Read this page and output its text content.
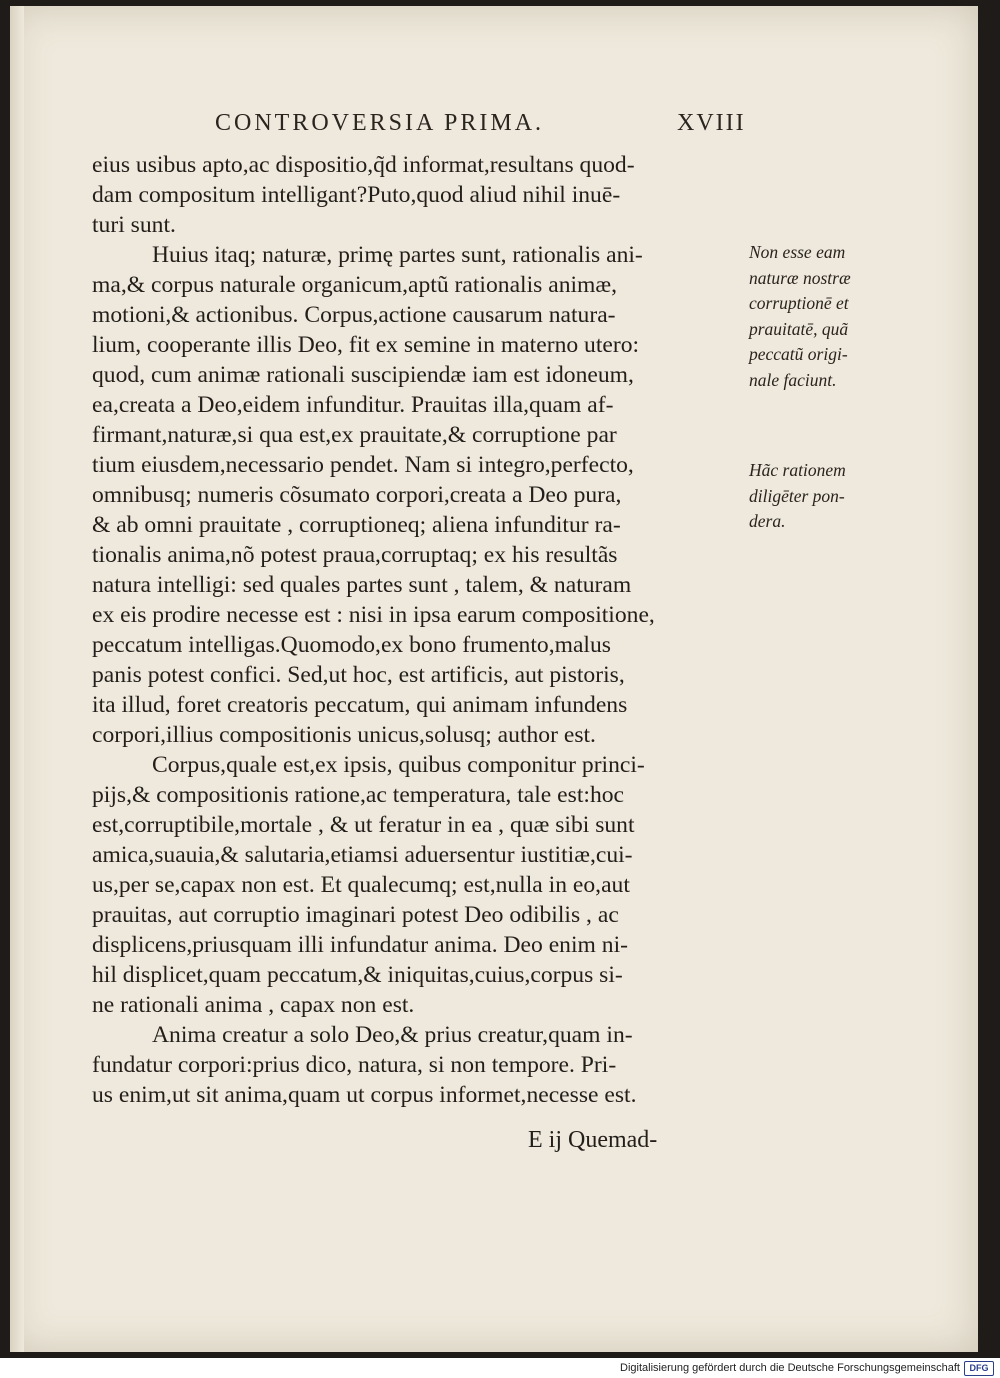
CONTROVERSIA PRIMA.	XVIII
eius usibus apto,ac dispositio,q̃d informat,resultans quod-
dam compositum intelligant?Puto,quod aliud nihil inuē-
turi sunt.
Huius itaq; naturæ, primę partes sunt, rationalis ani-
ma,& corpus naturale organicum,aptũ rationalis animæ,
motioni,& actionibus. Corpus,actione causarum natura-
lium, cooperante illis Deo, fit ex semine in materno utero:
quod, cum animæ rationali suscipiendæ iam est idoneum,
ea,creata a Deo,eidem infunditur. Prauitas illa,quam af-
firmant,naturæ,si qua est,ex prauitate,& corruptione par
tium eiusdem,necessario pendet. Nam si integro,perfecto,
omnibusq; numeris cõsumato corpori,creata a Deo pura,
& ab omni prauitate , corruptioneq; aliena infunditur ra-
tionalis anima,nõ potest praua,corruptaq; ex his resultãs
natura intelligi: sed quales partes sunt , talem, & naturam
ex eis prodire necesse est : nisi in ipsa earum compositione,
peccatum intelligas.Quomodo,ex bono frumento,malus
panis potest confici. Sed,ut hoc, est artificis, aut pistoris,
ita illud, foret creatoris peccatum, qui animam infundens
corpori,illius compositionis unicus,solusq; author est.
Corpus,quale est,ex ipsis, quibus componitur princi-
pijs,& compositionis ratione,ac temperatura, tale est:hoc
est,corruptibile,mortale , & ut feratur in ea , quæ sibi sunt
amica,suauia,& salutaria,etiamsi aduersentur iustitiæ,cui-
us,per se,capax non est. Et qualecumq; est,nulla in eo,aut
prauitas, aut corruptio imaginari potest Deo odibilis , ac
displicens,priusquam illi infundatur anima. Deo enim ni-
hil displicet,quam peccatum,& iniquitas,cuius,corpus si-
ne rationali anima , capax non est.
Anima creatur a solo Deo,& prius creatur,quam in-
fundatur corpori:prius dico, natura, si non tempore. Pri-
us enim,ut sit anima,quam ut corpus informet,necesse est.
E ij Quemad-
Non esse eam
naturæ nostræ
corruptionē et
prauitatē, quã
peccatũ origi-
nale faciunt.
Hãc rationem
diligēter pon-
dera.
Digitalisierung gefördert durch die Deutsche Forschungsgemeinschaft	DFG
